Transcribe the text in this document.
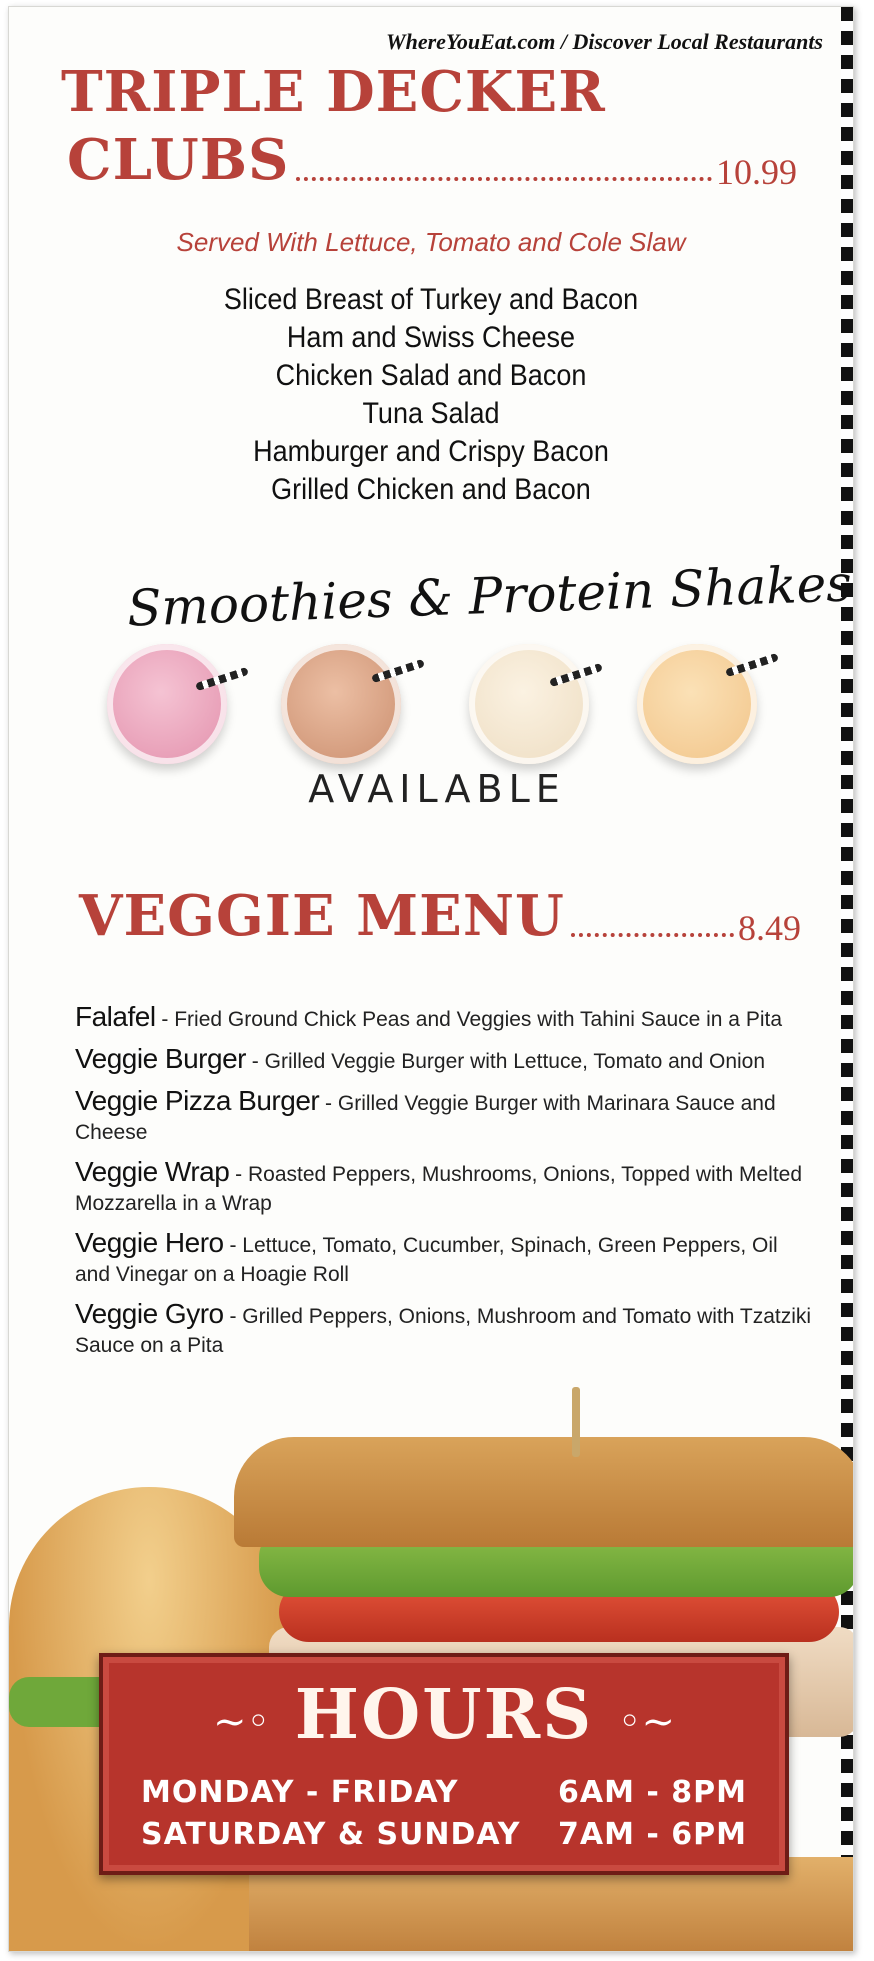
WhereYouEat.com / Discover Local Restaurants
TRIPLE DECKER
CLUBS	10.99
Served With Lettuce, Tomato and Cole Slaw
Sliced Breast of Turkey and Bacon
Ham and Swiss Cheese
Chicken Salad and Bacon
Tuna Salad
Hamburger and Crispy Bacon
Grilled Chicken and Bacon
Smoothies & Protein Shakes
AVAILABLE
VEGGIE MENU	8.49
Falafel - Fried Ground Chick Peas and Veggies with Tahini Sauce in a Pita
Veggie Burger - Grilled Veggie Burger with Lettuce, Tomato and Onion
Veggie Pizza Burger - Grilled Veggie Burger with Marinara Sauce and Cheese
Veggie Wrap - Roasted Peppers, Mushrooms, Onions, Topped with Melted Mozzarella in a Wrap
Veggie Hero - Lettuce, Tomato, Cucumber, Spinach, Green Peppers, Oil and Vinegar on a Hoagie Roll
Veggie Gyro - Grilled Peppers, Onions, Mushroom and Tomato with Tzatziki Sauce on a Pita
~◦ HOURS ◦~
MONDAY - FRIDAY	6AM - 8PM
SATURDAY & SUNDAY 7AM - 6PM
